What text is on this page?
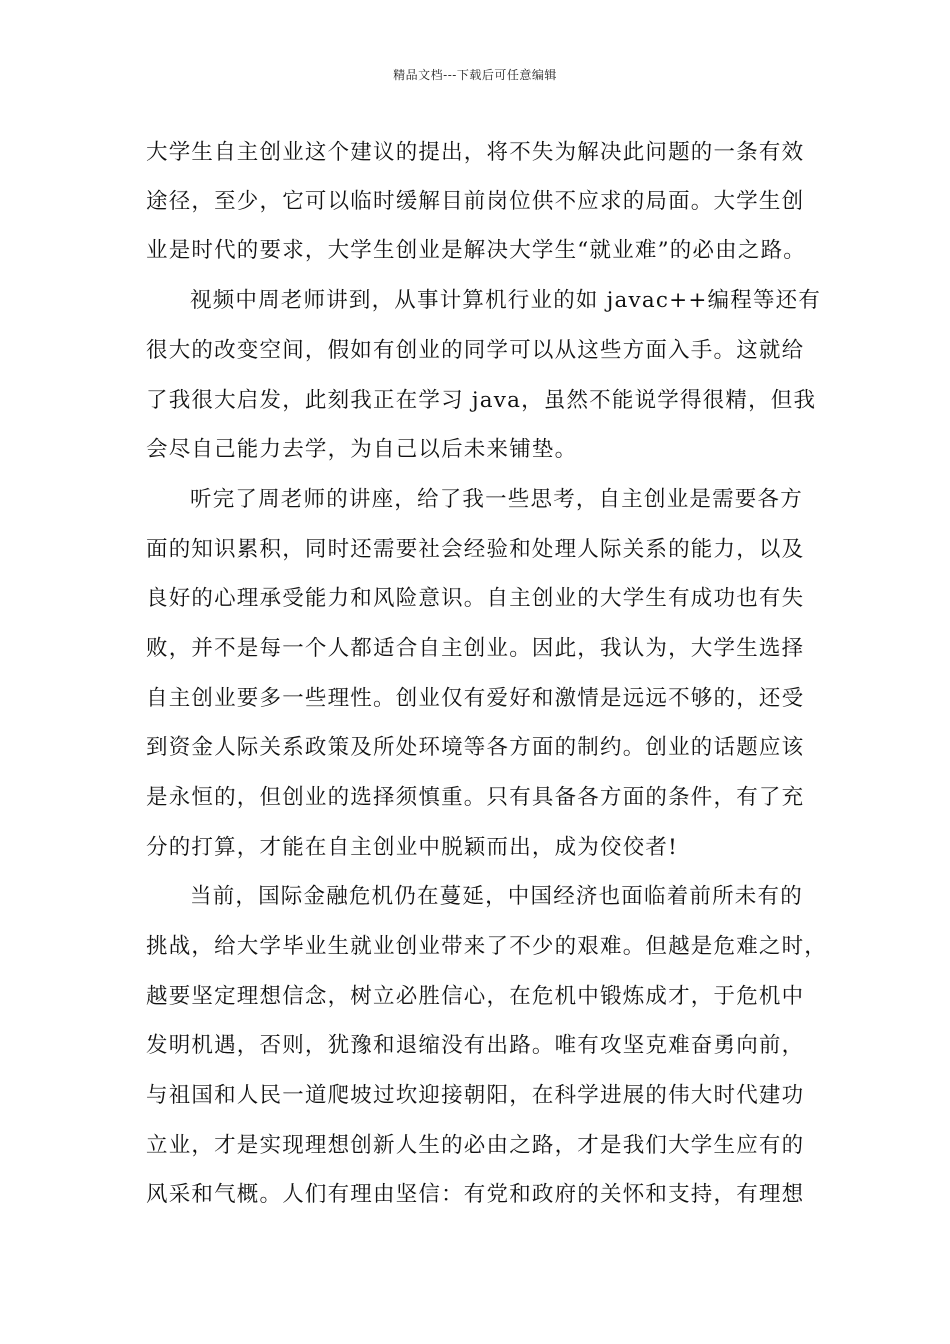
精品文档---下载后可任意编辑
大学生自主创业这个建议的提出，将不失为解决此问题的一条有效
途径，至少，它可以临时缓解目前岗位供不应求的局面。大学生创
业是时代的要求，大学生创业是解决大学生“就业难”的必由之路。
视频中周老师讲到，从事计算机行业的如 javac++编程等还有
很大的改变空间，假如有创业的同学可以从这些方面入手。这就给
了我很大启发，此刻我正在学习 java，虽然不能说学得很精，但我
会尽自己能力去学，为自己以后未来铺垫。
听完了周老师的讲座，给了我一些思考，自主创业是需要各方
面的知识累积，同时还需要社会经验和处理人际关系的能力，以及
良好的心理承受能力和风险意识。自主创业的大学生有成功也有失
败，并不是每一个人都适合自主创业。因此，我认为，大学生选择
自主创业要多一些理性。创业仅有爱好和激情是远远不够的，还受
到资金人际关系政策及所处环境等各方面的制约。创业的话题应该
是永恒的，但创业的选择须慎重。只有具备各方面的条件，有了充
分的打算，才能在自主创业中脱颖而出，成为佼佼者!
当前，国际金融危机仍在蔓延，中国经济也面临着前所未有的
挑战，给大学毕业生就业创业带来了不少的艰难。但越是危难之时，
越要坚定理想信念，树立必胜信心，在危机中锻炼成才，于危机中
发明机遇，否则，犹豫和退缩没有出路。唯有攻坚克难奋勇向前，
与祖国和人民一道爬坡过坎迎接朝阳，在科学进展的伟大时代建功
立业，才是实现理想创新人生的必由之路，才是我们大学生应有的
风采和气概。人们有理由坚信：有党和政府的关怀和支持，有理想
